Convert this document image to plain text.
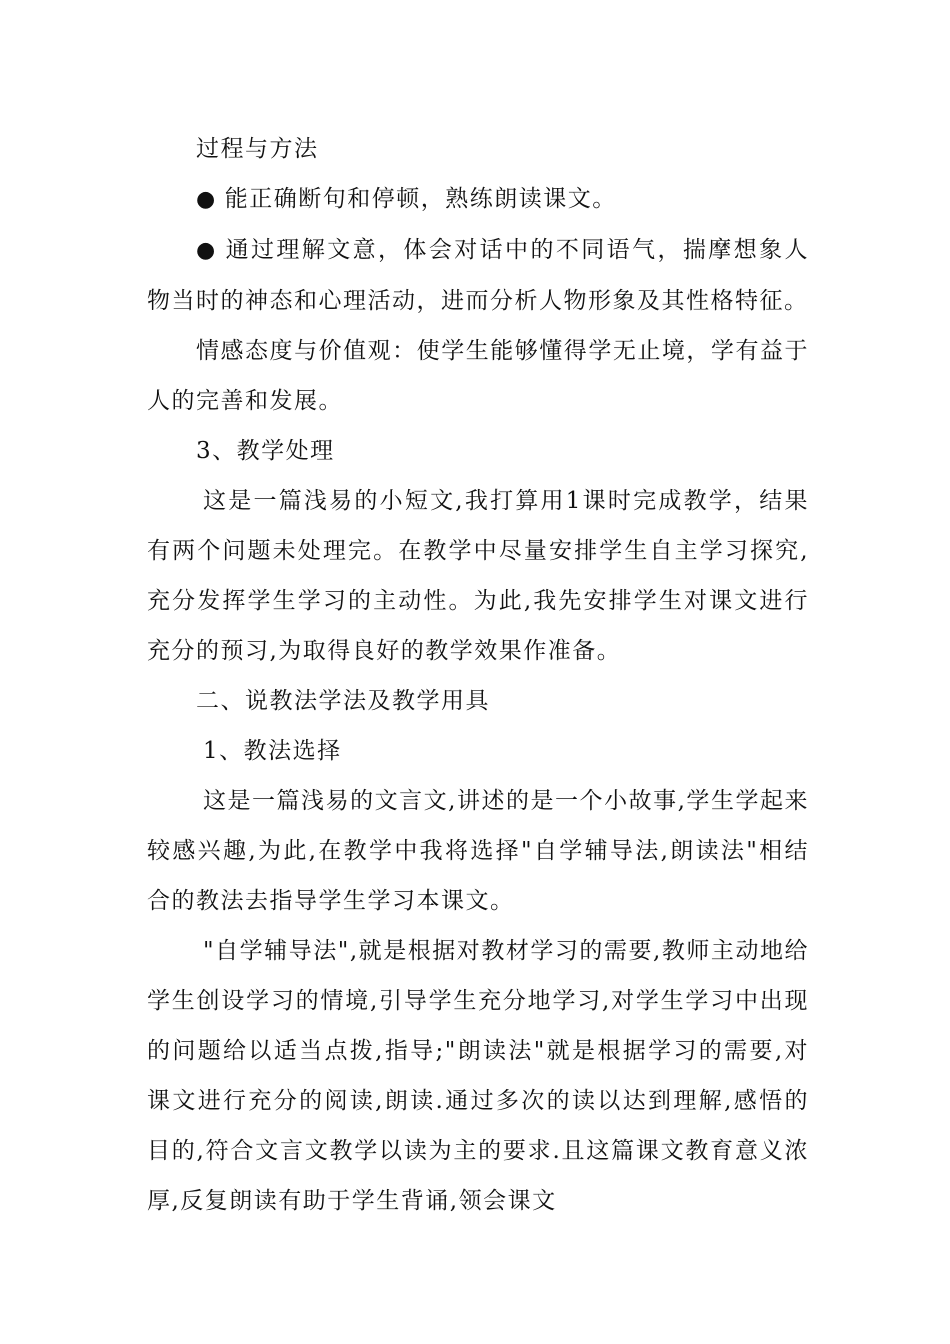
过程与方法

● 能正确断句和停顿，熟练朗读课文。

● 通过理解文意，体会对话中的不同语气，揣摩想象人物当时的神态和心理活动，进而分析人物形象及其性格特征。

情感态度与价值观：使学生能够懂得学无止境，学有益于人的完善和发展。

3、教学处理

这是一篇浅易的小短文,我打算用1课时完成教学，结果有两个问题未处理完。在教学中尽量安排学生自主学习探究,充分发挥学生学习的主动性。为此,我先安排学生对课文进行充分的预习,为取得良好的教学效果作准备。

二、说教法学法及教学用具

1、教法选择

这是一篇浅易的文言文,讲述的是一个小故事,学生学起来较感兴趣,为此,在教学中我将选择"自学辅导法,朗读法"相结合的教法去指导学生学习本课文。

"自学辅导法",就是根据对教材学习的需要,教师主动地给学生创设学习的情境,引导学生充分地学习,对学生学习中出现的问题给以适当点拨,指导;"朗读法"就是根据学习的需要,对课文进行充分的阅读,朗读.通过多次的读以达到理解,感悟的目的,符合文言文教学以读为主的要求.且这篇课文教育意义浓厚,反复朗读有助于学生背诵,领会课文
